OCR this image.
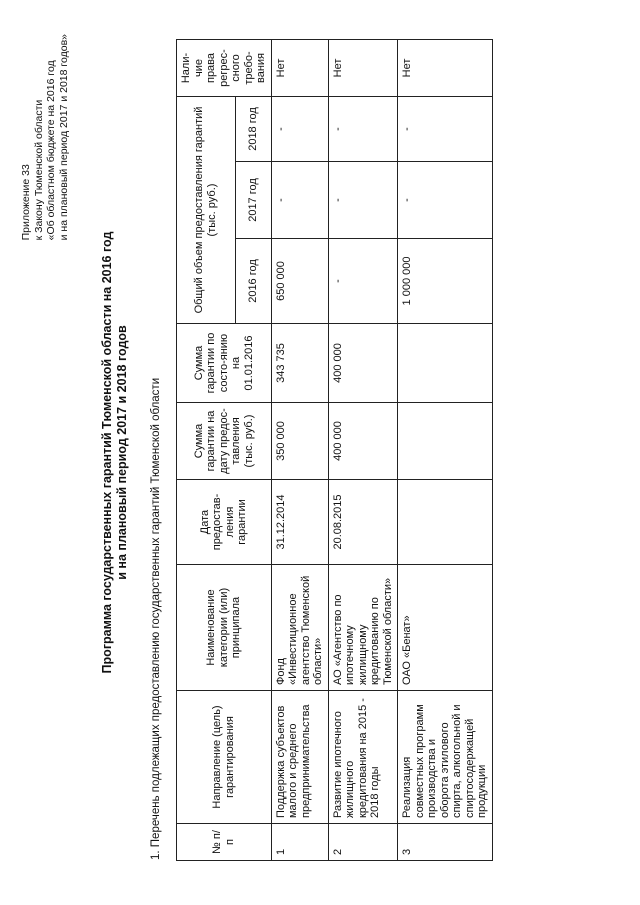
Приложение 33 к Закону Тюменской области «Об областном бюджете на 2016 год и на плановый период 2017 и 2018 годов»
Программа государственных гарантий Тюменской области на 2016 год и на плановый период 2017 и 2018 годов 1. Перечень подлежащих предоставлению государственных гарантий Тюменской области	№ п/п	Направление (цель) гарантирования	Наименование категории (или) принципала	Дата предостав-ления гарантии	Сумма гарантии на дату предос-тавления (тыс. руб.)	Сумма гарантии по состо-янию на 01.01.2016	Общий объем предоставления гарантий (тыс. руб.)			Нали-чие права регрес-сного требо-вания
						2016 год	2017 год	2018 год	
1	Поддержка субъектов малого и среднего предпринимательства	Фонд «Инвестиционное агентство Тюменской области»	31.12.2014	350 000	343 735	650 000	-	-	Нет
2	Развитие ипотечного жилищного кредитования на 2015 - 2018 годы	АО «Агентство по ипотечному жилищному кредитованию по Тюменской области»	20.08.2015	400 000	400 000	-	-	-	Нет
3	Реализация совместных программ производства и оборота этилового спирта, алкогольной и спиртосодержащей продукции	ОАО «Бенат»				1 000 000	-	-	Нет
